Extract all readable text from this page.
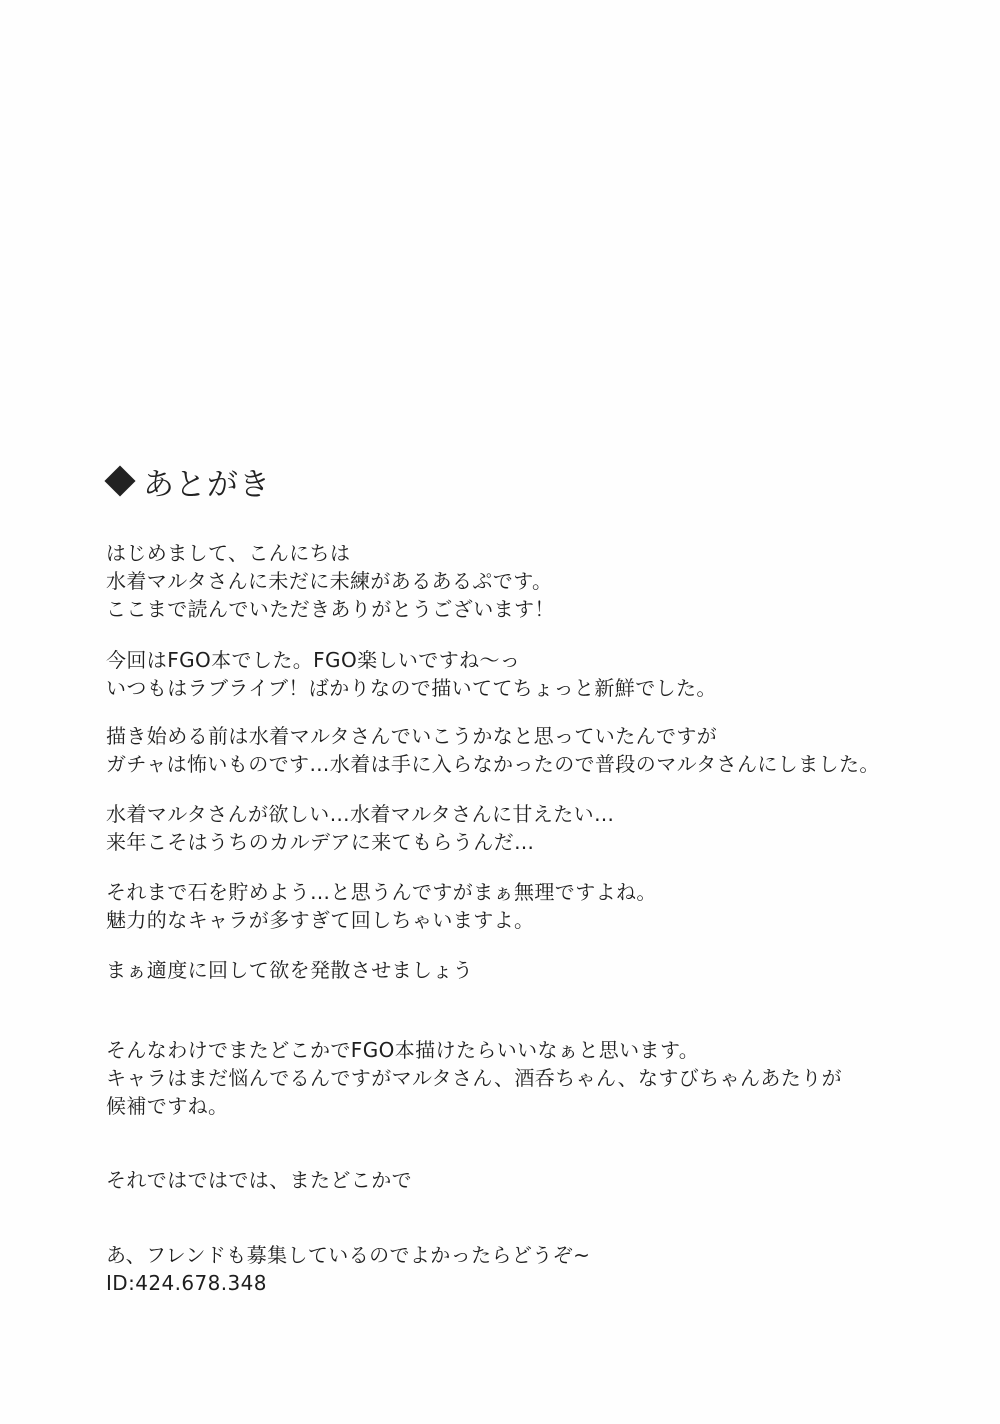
あとがき
はじめまして、こんにちは
水着マルタさんに未だに未練があるあるぷです。
ここまで読んでいただきありがとうございます！
今回はFGO本でした。FGO楽しいですね〜っ
いつもはラブライブ！ばかりなので描いててちょっと新鮮でした。
描き始める前は水着マルタさんでいこうかなと思っていたんですが
ガチャは怖いものです…水着は手に入らなかったので普段のマルタさんにしました。
水着マルタさんが欲しい…水着マルタさんに甘えたい…
来年こそはうちのカルデアに来てもらうんだ…
それまで石を貯めよう…と思うんですがまぁ無理ですよね。
魅力的なキャラが多すぎて回しちゃいますよ。
まぁ適度に回して欲を発散させましょう
そんなわけでまたどこかでFGO本描けたらいいなぁと思います。
キャラはまだ悩んでるんですがマルタさん、酒呑ちゃん、なすびちゃんあたりが
候補ですね。
それではではでは、またどこかで
あ、フレンドも募集しているのでよかったらどうぞ~
ID:424.678.348
